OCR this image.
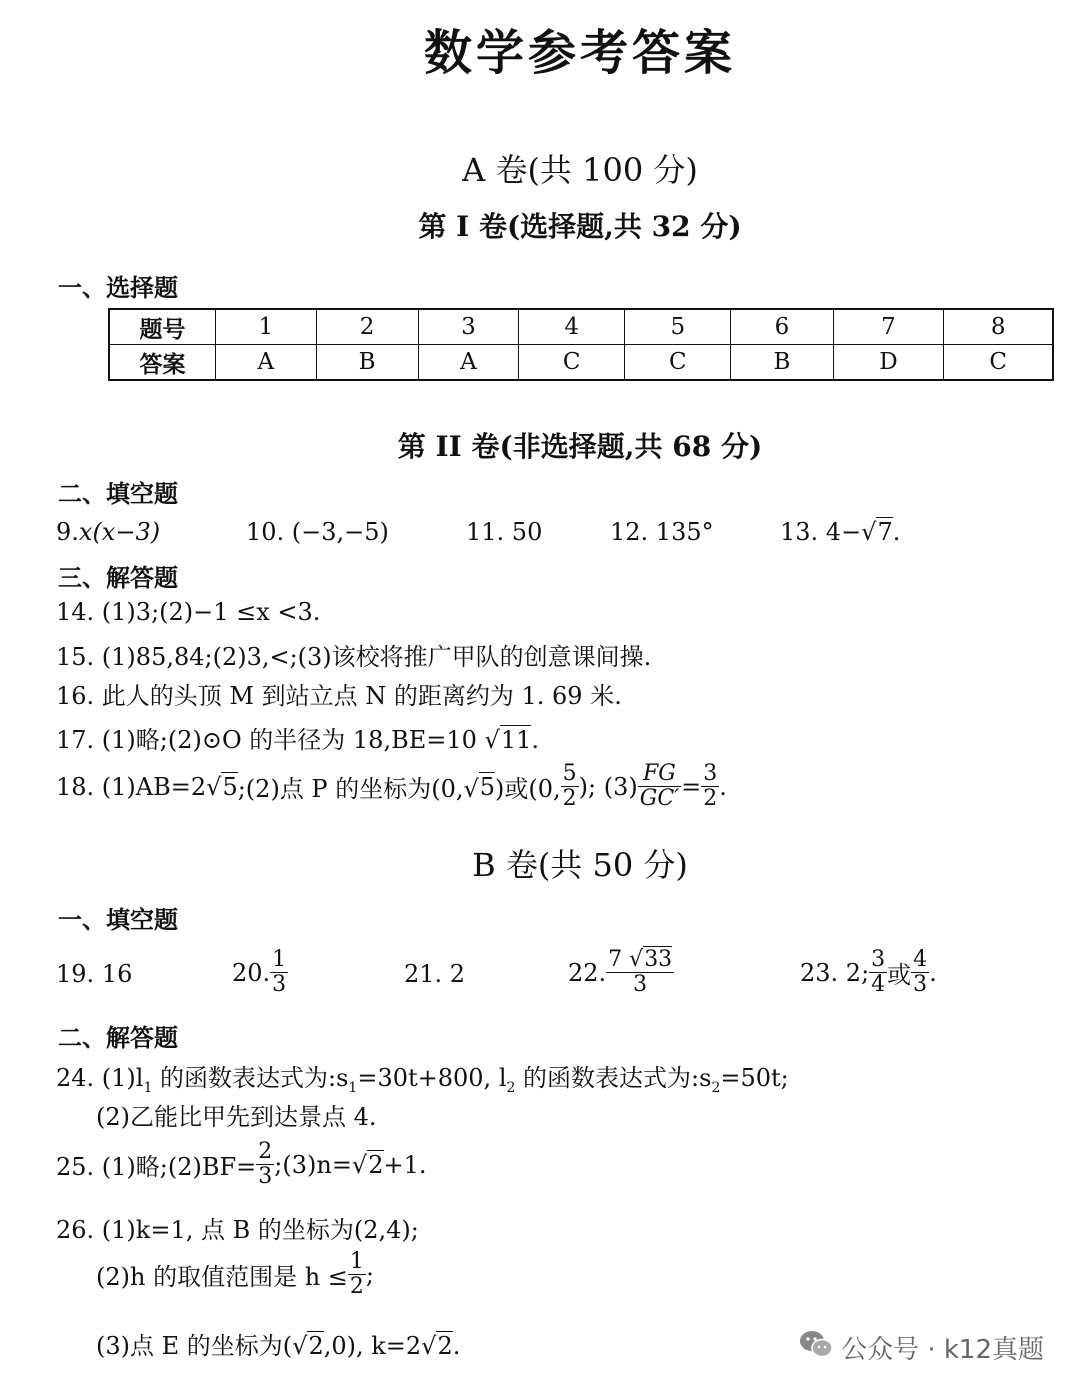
数学参考答案
A 卷(共 100 分)
第 I 卷(选择题,共 32 分)
一、选择题
题号	1	2	3	4	5	6	7	8
答案	A	B	A	C	C	B	D	C
第 II 卷(非选择题,共 68 分)
二、填空题
9.x(x−3)	10. (−3,−5)	11. 50	12. 135°	13. 4−√7.
三、解答题
14. (1)3;(2)−1 ≤x <3.
15. (1)85,84;(2)3,<;(3)该校将推广甲队的创意课间操.
16. 此人的头顶 M 到站立点 N 的距离约为 1. 69 米.
17. (1)略;(2)⊙O 的半径为 18,BE=10 √11.
18. (1)AB=2√ 5 ;(2)点 P 的坐标为(0,√ 5 )或(0, $\frac{5}{2}$ ); $(3) \frac{FG}{GC'} = \frac{3}{2}$ .
B 卷(共 50 分)
一、填空题
19. 16	20. $\frac{1}{3}$	21. 2	22. $\frac{7 √33}{3}$	23. 2; $\frac{3}{4}$ 或 $\frac{4}{3}$ .
二、解答题
24. $(1)l_1$ 的函数表达式为$:s_1=30t+800$, $l_2$ 的函数表达式为$:s_2=50t$;
(2)乙能比甲先到达景点 4.
25. (1)略;(2)BF= $\frac{2}{3}$ ;(3)n=√ 2 +1.
26. (1)k=1, 点 B 的坐标为(2,4);
(2)h 的取值范围是 $h \le \frac{1}{2}$ ;
(3)点 E 的坐标为(√2,0), k=2√2.	公众号 · k12真题
